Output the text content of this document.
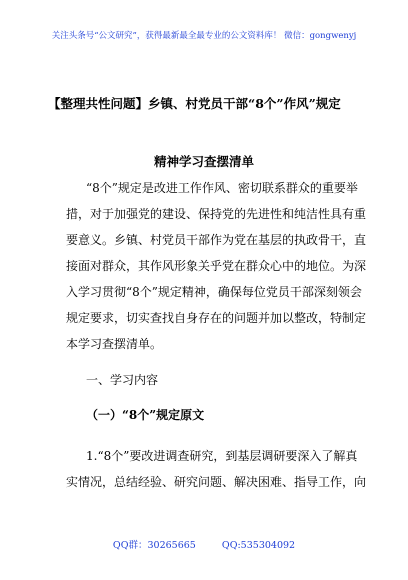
关注头条号“公文研究”，获得最新最全最专业的公文资料库！ 微信：gongwenyj
【整理共性问题】乡镇、村党员干部“8个”作风”规定
精神学习查摆清单
“8个”规定是改进工作作风、密切联系群众的重要举
措，对于加强党的建设、保持党的先进性和纯洁性具有重
要意义。乡镇、村党员干部作为党在基层的执政骨干，直
接面对群众，其作风形象关乎党在群众心中的地位。为深
入学习贯彻“8个”规定精神，确保每位党员干部深刻领会
规定要求，切实查找自身存在的问题并加以整改，特制定
本学习查摆清单。
一、学习内容
（一）“8个”规定原文
1.“8个”要改进调查研究，到基层调研要深入了解真
实情况，总结经验、研究问题、解决困难、指导工作，向
QQ群：30265665	QQ:535304092
